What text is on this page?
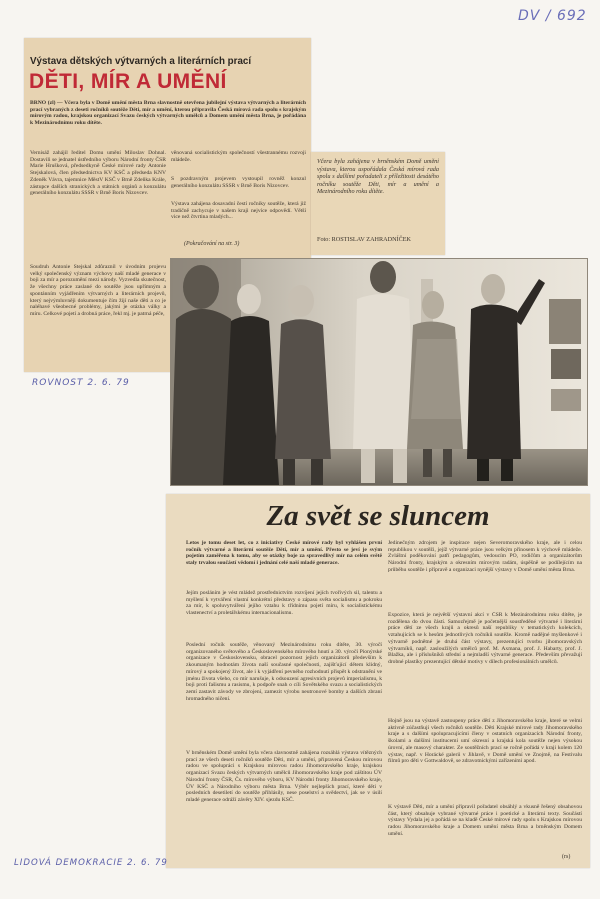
DV / 692
Výstava dětských výtvarných a literárních prací
DĚTI, MÍR A UMĚNÍ
BRNO (zl) — Včera byla v Domě umění města Brna slavnostně otevřena jubilejní výstava výtvarných a literárních prací vybraných z deseti ročníků soutěže Děti, mír a umění, kterou připravila Česká mírová rada spolu s krajským mírovým radou, krajskou organizací Svazu českých výtvarných umělců a Domem umění města Brna, je pořádána k Mezinárodnímu roku dítěte.
Vernisáž zahájil ředitel Domu umění Miloslav Dohnal. Dostavili se jednatel ústředního výboru Národní fronty ČSR Marie Hrušková, předsedkyně České mírové rady Antonie Stejskalová, člen předsednictva KV KSČ a předseda KNV Zdeněk Vávra, tajemnice MěstV KSČ v Brně Zdeňka Krále, zástupce dalších stranických a státních orgánů a konzulátu generálního konzulátu SSSR v Brně Boris Nizovcev.
Soudruh Antonie Stejskal zdůraznil v úvodním projevu velký společenský význam výchovy naší mladé generace v boji za mír a porozumění mezi národy. Vyzvedla skutečnost, že všechny práce zaslané do soutěže jsou upřímným a spontánním vyjádřením výtvarných a literárních projevů, který nejvýmluvněji dokumentuje čím žijí naše děti a co je naléhavé všeobecné problémy, jakými je otázka války a míru. Celkové pojetí a drobná práce, řekl mj. je patrná péče,
věnovaná socialistickým společností všestrannému rozvoji mládeže.
S pozdravným projevem vystoupil rovněž konzul generálního konzulátu SSSR v Brně Boris Nizovcev.
Výstava zahájena dosavadní čestí ročníky soutěže, která již tradičně zachycuje v našem kraji nejvíce odpovědí. Větší vice než čtvrtina mladých...
(Pokračování na str. 3)
Včera byla zahájena v brněnském Domě umění výstava, kterou uspořádala Česká mírová rada spolu s dalšími pořadateli z příležitosti desátého ročníku soutěže Děti, mír a umění a Mezinárodního roku dítěte.
Foto: ROSTISLAV ZAHRADNÍČEK
ROVNOST 2. 6. 79
Za svět se sluncem
Letos je tomu deset let, co z iniciativy České mírové rady byl vyhlášen první ročník výtvarné a literární soutěže Děti, mír a umění. Přesto se jeví je svým pojetím zaměřena k tomu, aby se otázky boje za spravedlivý mír na celém světě staly trvalou součástí vědomí i jednání celé naší mladé generace.
Jejím posláním je vést mládež prostřednictvím rozvíjení jejích tvořivých sil, talentu a myšlení k vytváření vlastní konkrétní představy o zápasu světa socialismu a pokroku za mír, k spoluvytváření jejího vztahu k třídnímu pojetí míru, k socialistickému vlastenectví a proletářskému internacionalismu.
Poslední ročník soutěže, věnovaný Mezinárodnímu roku dítěte, 30. výročí organizovaného světového a Československého mírového hnutí a 30. výročí Pionýrské organizace v Československu, obracel pozornost jejich organizátorů především k zkoumaným hodnotám života naší současné společnosti, zajišťující dětem klidný, mírový a spokojený život, ale i k vyjádření pevného rozhodnutí přispět k odstranění ve jménu života všeho, co mír narušuje, k odsouzení agresivních projevů imperialismu, k boji proti fašismu a rasismu, k podpoře snah o cíli Sovětského svazu a socialistických zemí zastavit závody ve zbrojení, zamezit výrobu neutronové bomby a dalších zbraní hromadného ničení.
V brněnském Domě umění byla včera slavnostně zahájena rozsáhlá výstava vítězných prací ze všech deseti ročníků soutěže Děti, mír a umění, připravená Českou mírovou radou ve spolupráci s Krajskou mírovou radou Jihomoravského kraje, krajskou organizací Svazu českých výtvarných umělců Jihomoravského kraje pod záštitou ÚV Národní fronty ČSR, Čs. mírového výboru, KV Národní fronty Jihomoravského kraje, ÚV KSČ a Národního výboru města Brna. Výběr nejlepších prací, které děti v posledních desetiletí do soutěže přihlásily, nese poselství a svědectví, jak se v úsilí mladé generace odráží závěry XIV. sjezdu KSČ.
Jedinečným zdrojem je inspirace nejen Severomoravského kraje, ale i celou republikou v soutěži, jejíž výtvarné práce jsou velkým přínosem k výchově mládeže. Zvláštní poděkování patří pedagogům, vedoucím PO, rodičům a organizátorům Národní fronty, krajským a okresním mírovým radám, úspěšně se podílejícím na průběhu soutěže i přípravě a organizaci nynější výstavy v Domě umění města Brna.
Expozice, která je největší výstavní akcí v ČSR k Mezinárodnímu roku dítěte, je rozdělena do dvou částí. Samozřejmě je početnější soustředěné výtvarné i literární práce dětí ze všech krajů a okresů naší republiky v tematických kolekcích, vztahujících se k hesům jednotlivých ročníků soutěže. Kromě nadějné myšlenkové i výtvarně podnětné je druhá část výstavy, prezentující tvorbu jihomoravských výtvarníků, např. zasloužilých umělců prof. M. Axmana, prof. J. Habarty, prof. J. Blažka, ale i příslušníků střední a nejmladší výtvarné generace. Především převažují drobné plastiky prezentující dětské motivy v dílech profesionálních umělců.
Hojně jsou na výstavě zastoupeny práce dětí z Jihomoravského kraje, které se velmi aktivně zúčastňují všech ročníků soutěže. Děti Krajské mírové rady Jihomoravského kraje a s dalšími spolupracujícími členy v ostatních organizacích Národní fronty, školami a dalšími institucemi umí okresní a krajská kola soutěže nejen výsokou úrovní, ale masový charakter. Ze soutěžních prací se ročně pořádá v kraji kolem 120 výstav, např. v Horácké galerii v Jihlavě, v Domě umění ve Znojmě, na Festivalu filmů pro děti v Gottwaldově, se zdravotnickými zařízeními apod.
K výstavě Děti, mír a umění připravil pořadatel obsáhlý a vkusně řešený obsahovou část, který obsahuje vybrané výtvarné práce i poetické a literární texty. Součástí výstavy Vydala jej a pořádá se na kladě České mírové rady spolu s Krajskou mírovou radou Jihomoravského kraje a Domem umění města Brna a brněnským Domem umění.
(rs)
LIDOVÁ DEMOKRACIE 2. 6. 79
